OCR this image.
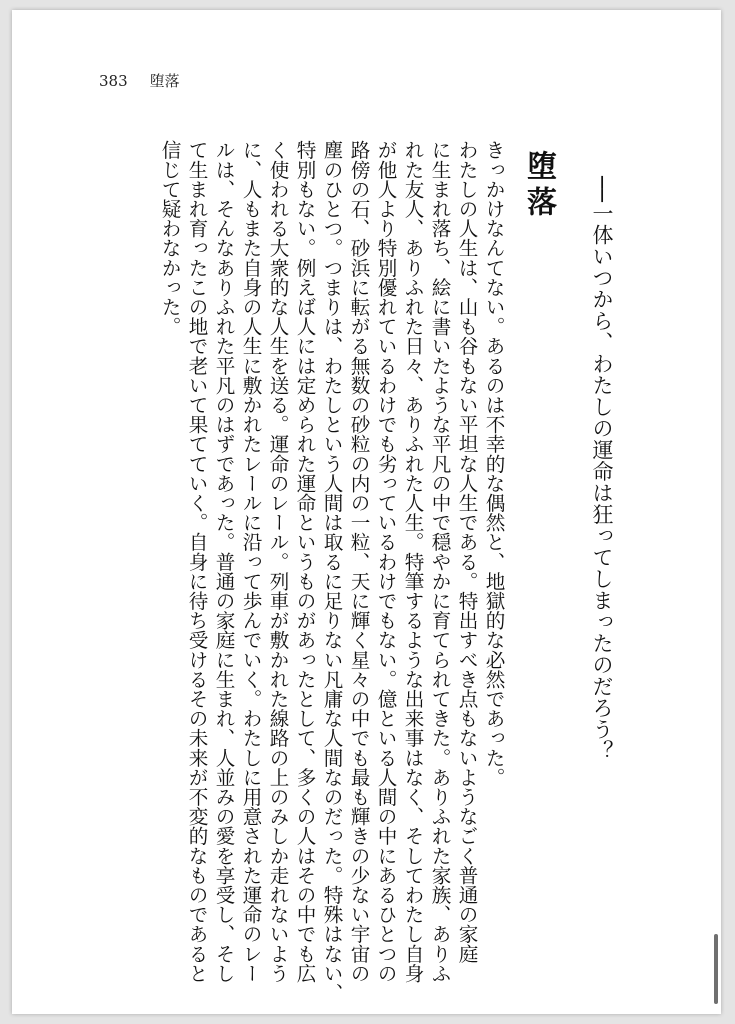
383 堕落
──一体いつから、わたしの運命は狂ってしまったのだろう？
堕落
きっかけなんてない。あるのは不幸的な偶然と、地獄的な必然であった。
わたしの人生は、山も谷もない平坦な人生である。特出すべき点もないようなごく普通の家庭
に生まれ落ち、絵に書いたような平凡の中で穏やかに育てられてきた。ありふれた家族、ありふ
れた友人、ありふれた日々、ありふれた人生。特筆するような出来事はなく、そしてわたし自身
が他人より特別優れているわけでも劣っているわけでもない。億といる人間の中にあるひとつの
路傍の石、砂浜に転がる無数の砂粒の内の一粒、天に輝く星々の中でも最も輝きの少ない宇宙の
塵のひとつ。つまりは、わたしという人間は取るに足りない凡庸な人間なのだった。特殊はない、
特別もない。例えば人には定められた運命というものがあったとして、多くの人はその中でも広
く使われる大衆的な人生を送る。運命のレール。列車が敷かれた線路の上のみしか走れないよう
に、人もまた自身の人生に敷かれたレールに沿って歩んでいく。わたしに用意された運命のレー
ルは、そんなありふれた平凡のはずであった。普通の家庭に生まれ、人並みの愛を享受し、そし
て生まれ育ったこの地で老いて果てていく。自身に待ち受けるその未来が不変的なものであると
信じて疑わなかった。
